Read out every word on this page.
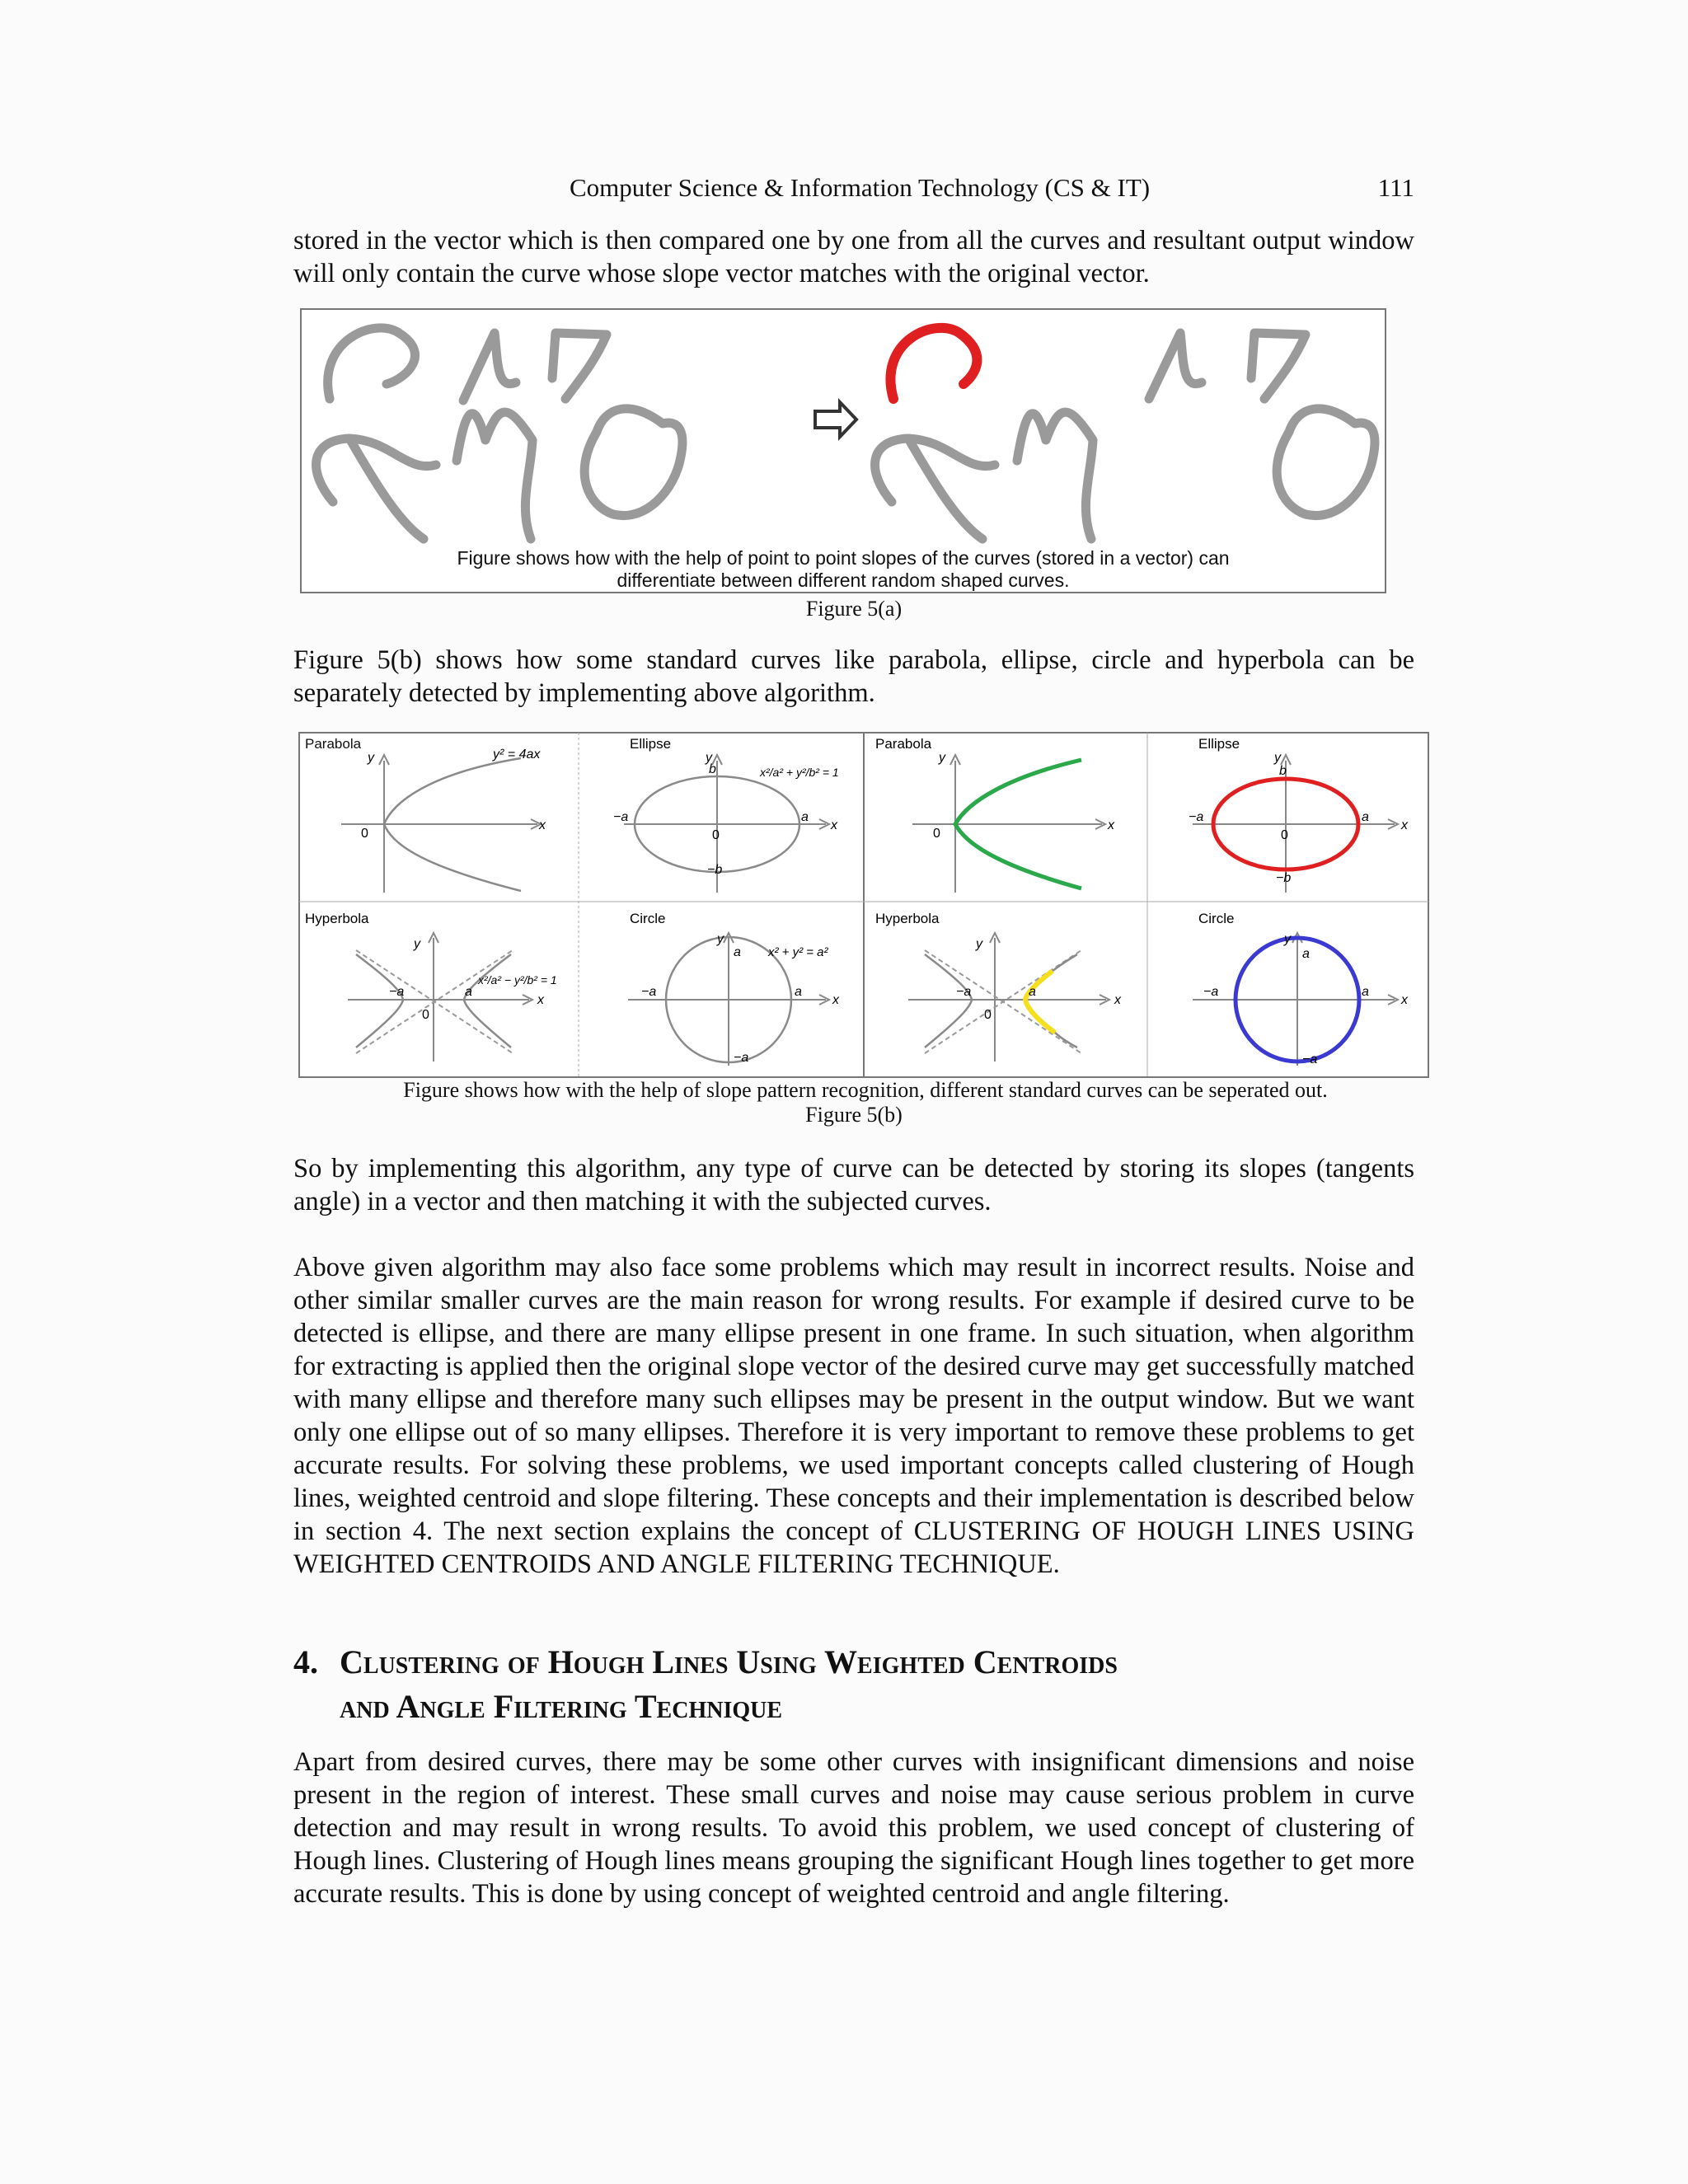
Computer Science & Information Technology (CS & IT)	111

stored in the vector which is then compared one by one from all the curves and resultant output window will only contain the curve whose slope vector matches with the original vector.

Figure shows how with the help of point to point slopes of the curves (stored in a vector) can
differentiate between different random shaped curves.
Figure 5(a)

Figure 5(b) shows how some standard curves like parabola, ellipse, circle and hyperbola can be separately detected by implementing above algorithm.

Parabola
y
x
0
y² = 4ax
Ellipse
y
x
0
b
−b
a
−a
x²/a² + y²/b² = 1
Parabola
y
x
0
Ellipse
y
x
0
b
−b
a
−a
Hyperbola
y
x
0
−a	a
x²/a² − y²/b² = 1
Circle
y
x
a
−a
a
−a
x² + y² = a²
Hyperbola
y
x
0
−a	a
Circle
y
x
a
−a
a
−a
Figure shows how with the help of slope pattern recognition, different standard curves can be seperated out.
Figure 5(b)

So by implementing this algorithm, any type of curve can be detected by storing its slopes (tangents angle) in a vector and then matching it with the subjected curves.

Above given algorithm may also face some problems which may result in incorrect results. Noise and other similar smaller curves are the main reason for wrong results. For example if desired curve to be detected is ellipse, and there are many ellipse present in one frame. In such situation, when algorithm for extracting is applied then the original slope vector of the desired curve may get successfully matched with many ellipse and therefore many such ellipses may be present in the output window. But we want only one ellipse out of so many ellipses. Therefore it is very important to remove these problems to get accurate results. For solving these problems, we used important concepts called clustering of Hough lines, weighted centroid and slope filtering. These concepts and their implementation is described below in section 4. The next section explains the concept of CLUSTERING OF HOUGH LINES USING WEIGHTED CENTROIDS AND ANGLE FILTERING TECHNIQUE.

4. Clustering of Hough Lines Using Weighted Centroids
and Angle Filtering Technique

Apart from desired curves, there may be some other curves with insignificant dimensions and noise present in the region of interest. These small curves and noise may cause serious problem in curve detection and may result in wrong results. To avoid this problem, we used concept of clustering of Hough lines. Clustering of Hough lines means grouping the significant Hough lines together to get more accurate results. This is done by using concept of weighted centroid and angle filtering.
